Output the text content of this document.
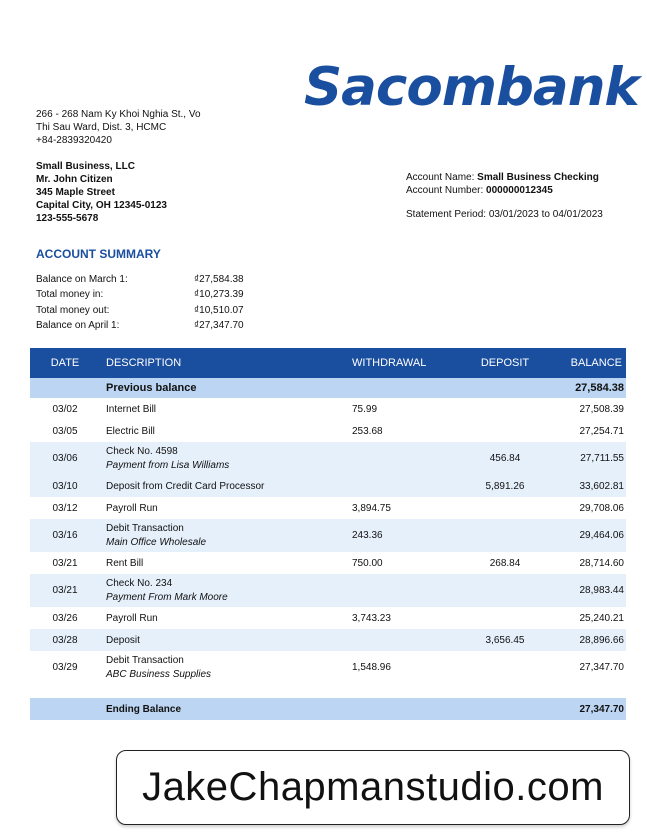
Sacombank
266 - 268 Nam Ky Khoi Nghia St., Vo
Thi Sau Ward, Dist. 3, HCMC
+84-2839320420
Small Business, LLC
Mr. John Citizen
345 Maple Street
Capital City, OH 12345-0123
123-555-5678
Account Name: Small Business Checking
Account Number: 000000012345
Statement Period: 03/01/2023 to 04/01/2023
ACCOUNT SUMMARY
Balance on March 1:	₫27,584.38
Total money in:	₫10,273.39
Total money out:	₫10,510.07
Balance on April 1:	₫27,347.70
DATE	DESCRIPTION	WITHDRAWAL	DEPOSIT	BALANCE
	Previous balance			27,584.38
03/02	Internet Bill	75.99		27,508.39
03/05	Electric Bill	253.68		27,254.71
03/06	Check No. 4598
Payment from Lisa Williams		456.84	27,711.55
03/10	Deposit from Credit Card Processor		5,891.26	33,602.81
03/12	Payroll Run	3,894.75		29,708.06
03/16	Debit Transaction
Main Office Wholesale	243.36		29,464.06
03/21	Rent Bill	750.00	268.84	28,714.60
03/21	Check No. 234
Payment From Mark Moore			28,983.44
03/26	Payroll Run	3,743.23		25,240.21
03/28	Deposit		3,656.45	28,896.66
03/29	Debit Transaction
ABC Business Supplies	1,548.96		27,347.70

	Ending Balance			27,347.70
JakeChapmanstudio.com
